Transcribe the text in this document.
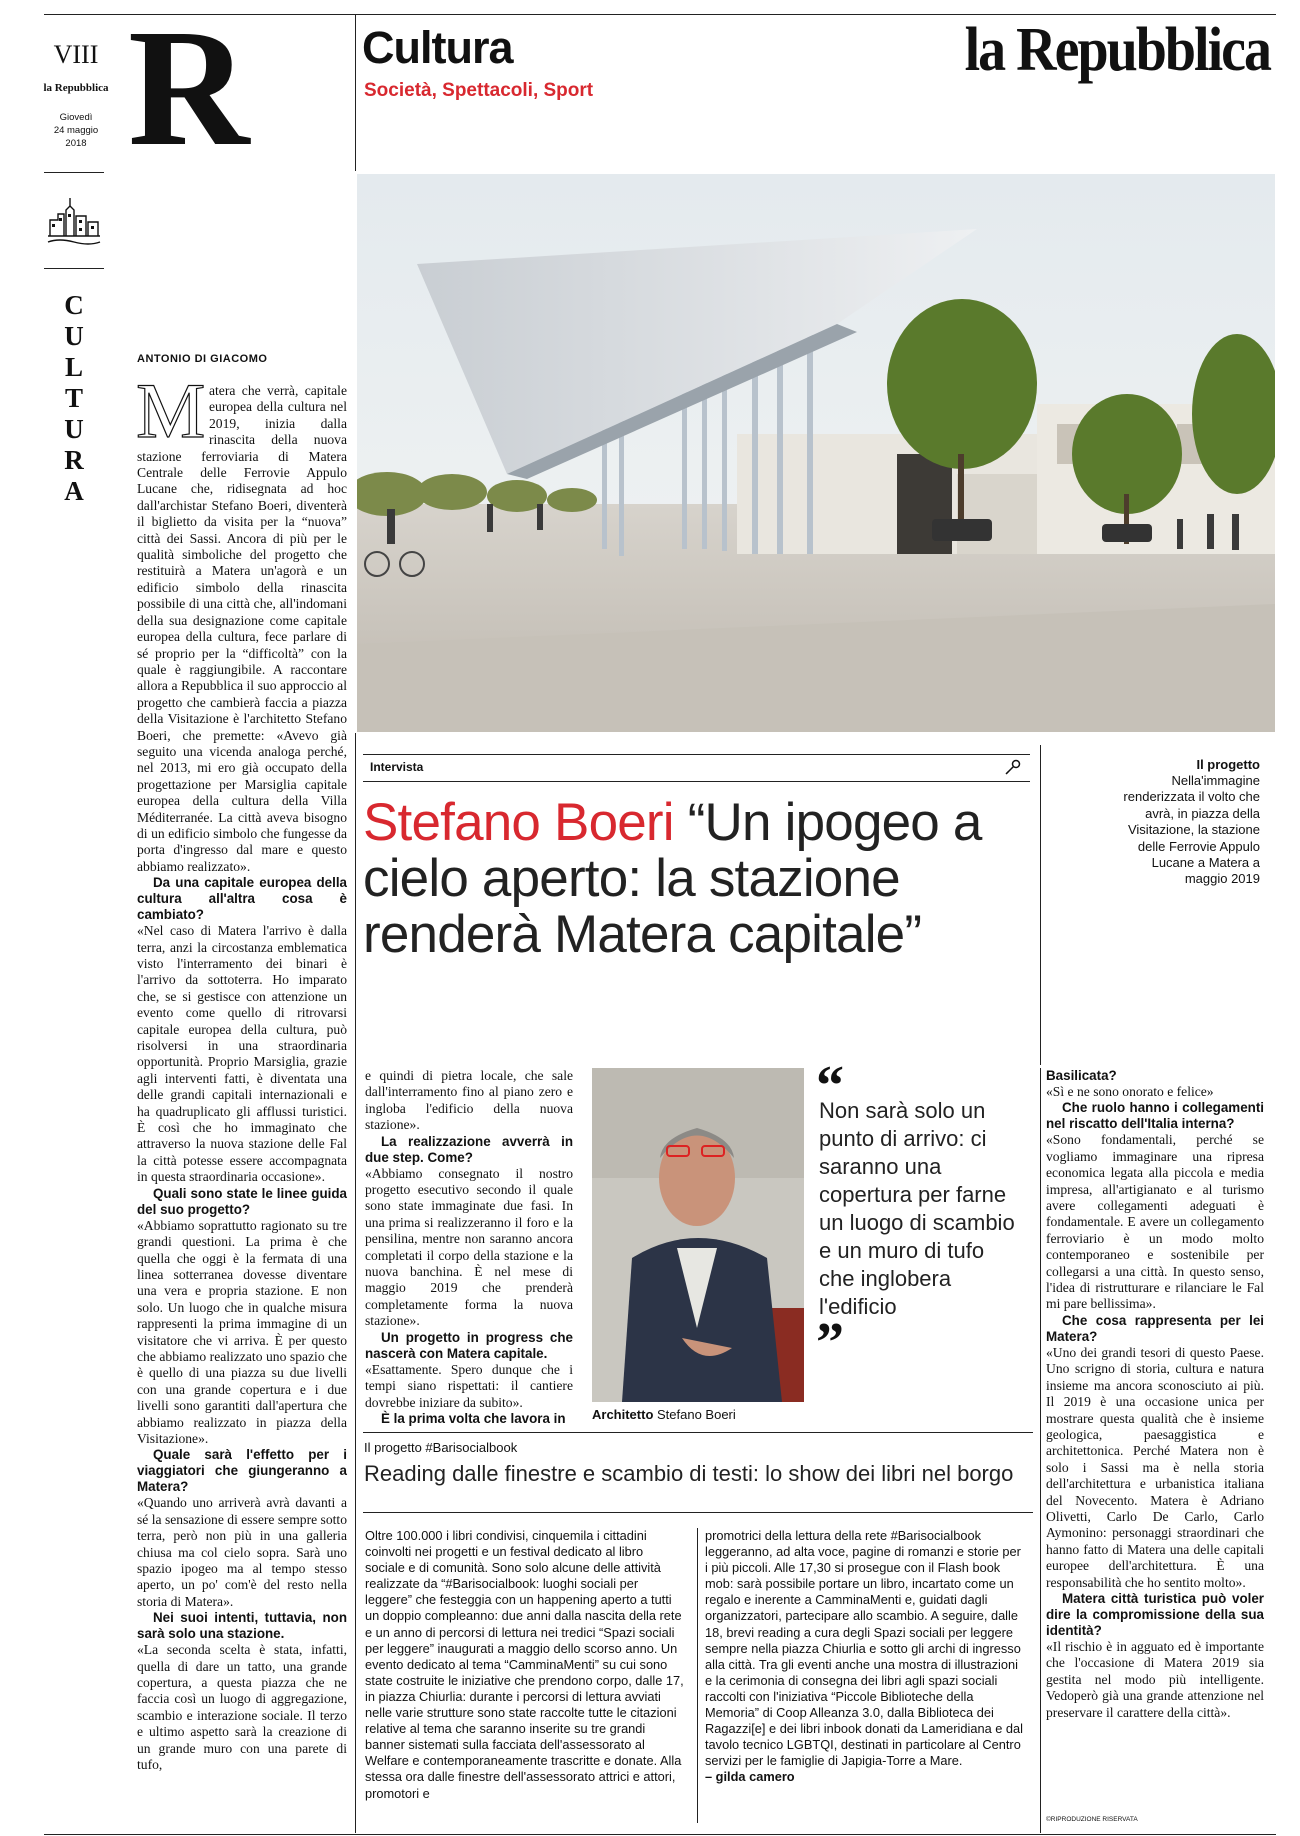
VIII
la Repubblica
Giovedì
24 maggio
2018 R	Cultura
Società, Spettacoli, Sport
la Repubblica
C
U
L
T
U
R
A
ANTONIO DI GIACOMO
M atera che verrà, capitale europea della cultura nel 2019, inizia dalla rinascita della nuova stazione ferroviaria di Matera Centrale delle Ferrovie Appulo Lucane che, ridisegnata ad hoc dall'archistar Stefano Boeri, diventerà il biglietto da visita per la “nuova” città dei Sassi. Ancora di più per le qualità simboliche del progetto che restituirà a Matera un'agorà e un edificio simbolo della rinascita possibile di una città che, all'indomani della sua designazione come capitale europea della cultura, fece parlare di sé proprio per la “difficoltà” con la quale è raggiungibile. A raccontare allora a Repubblica il suo approccio al progetto che cambierà faccia a piazza della Visitazione è l'architetto Stefano Boeri, che premette: «Avevo già seguito una vicenda analoga perché, nel 2013, mi ero già occupato della progettazione per Marsiglia capitale europea della cultura della Villa Méditerranée. La città aveva bisogno di un edificio simbolo che fungesse da porta d'ingresso dal mare e questo abbiamo realizzato».

Da una capitale europea della cultura all'altra cosa è cambiato?

«Nel caso di Matera l'arrivo è dalla terra, anzi la circostanza emblematica visto l'interramento dei binari è l'arrivo da sottoterra. Ho imparato che, se si gestisce con attenzione un evento come quello di ritrovarsi capitale europea della cultura, può risolversi in una straordinaria opportunità. Proprio Marsiglia, grazie agli interventi fatti, è diventata una delle grandi capitali internazionali e ha quadruplicato gli afflussi turistici. È così che ho immaginato che attraverso la nuova stazione delle Fal la città potesse essere accompagnata in questa straordinaria occasione».

Quali sono state le linee guida del suo progetto?

«Abbiamo soprattutto ragionato su tre grandi questioni. La prima è che quella che oggi è la fermata di una linea sotterranea dovesse diventare una vera e propria stazione. E non solo. Un luogo che in qualche misura rappresenti la prima immagine di un visitatore che vi arriva. È per questo che abbiamo realizzato uno spazio che è quello di una piazza su due livelli con una grande copertura e i due livelli sono garantiti dall'apertura che abbiamo realizzato in piazza della Visitazione».

Quale sarà l'effetto per i viaggiatori che giungeranno a Matera?

«Quando uno arriverà avrà davanti a sé la sensazione di essere sempre sotto terra, però non più in una galleria chiusa ma col cielo sopra. Sarà uno spazio ipogeo ma al tempo stesso aperto, un po' com'è del resto nella storia di Matera».

Nei suoi intenti, tuttavia, non sarà solo una stazione.

«La seconda scelta è stata, infatti, quella di dare un tatto, una grande copertura, a questa piazza che ne faccia così un luogo di aggregazione, scambio e interazione sociale. Il terzo e ultimo aspetto sarà la creazione di un grande muro con una parete di tufo,

Il progetto
Nella'immagine renderizzata il volto che avrà, in piazza della Visitazione, la stazione delle Ferrovie Appulo Lucane a Matera a maggio 2019
Intervista
Stefano Boeri “Un ipogeo a cielo aperto: la stazione renderà Matera capitale”

e quindi di pietra locale, che sale dall'interramento fino al piano zero e ingloba l'edificio della nuova stazione».

La realizzazione avverrà in due step. Come?

«Abbiamo consegnato il nostro progetto esecutivo secondo il quale sono state immaginate due fasi. In una prima si realizzeranno il foro e la pensilina, mentre non saranno ancora completati il corpo della stazione e la nuova banchina. È nel mese di maggio 2019 che prenderà completamente forma la nuova stazione».

Un progetto in progress che nascerà con Matera capitale.

«Esattamente. Spero dunque che i tempi siano rispettati: il cantiere dovrebbe iniziare da subito».

È la prima volta che lavora in	Architetto Stefano Boeri
“
Non sarà solo un punto di arrivo: ci saranno una copertura per farne un luogo di scambio e un muro di tufo che inglobera l'edificio
”

Basilicata?

«Sì e ne sono onorato e felice»

Che ruolo hanno i collegamenti nel riscatto dell'Italia interna?

«Sono fondamentali, perché se vogliamo immaginare una ripresa economica legata alla piccola e media impresa, all'artigianato e al turismo avere collegamenti adeguati è fondamentale. E avere un collegamento ferroviario è un modo molto contemporaneo e sostenibile per collegarsi a una città. In questo senso, l'idea di ristrutturare e rilanciare le Fal mi pare bellissima».

Che cosa rappresenta per lei Matera?

«Uno dei grandi tesori di questo Paese. Uno scrigno di storia, cultura e natura insieme ma ancora sconosciuto ai più. Il 2019 è una occasione unica per mostrare questa qualità che è insieme geologica, paesaggistica e architettonica. Perché Matera non è solo i Sassi ma è nella storia dell'architettura e urbanistica italiana del Novecento. Matera è Adriano Olivetti, Carlo De Carlo, Carlo Aymonino: personaggi straordinari che hanno fatto di Matera una delle capitali europee dell'architettura. È una responsabilità che ho sentito molto».

Matera città turistica può voler dire la compromissione della sua identità?

«Il rischio è in agguato ed è importante che l'occasione di Matera 2019 sia gestita nel modo più intelligente. Vedoperò già una grande attenzione nel preservare il carattere della città».

©RIPRODUZIONE RISERVATA
Il progetto #Barisocialbook
Reading dalle finestre e scambio di testi: lo show dei libri nel borgo
Oltre 100.000 i libri condivisi, cinquemila i cittadini coinvolti nei progetti e un festival dedicato al libro sociale e di comunità. Sono solo alcune delle attività realizzate da “#Barisocialbook: luoghi sociali per leggere” che festeggia con un happening aperto a tutti un doppio compleanno: due anni dalla nascita della rete e un anno di percorsi di lettura nei tredici “Spazi sociali per leggere” inaugurati a maggio dello scorso anno. Un evento dedicato al tema “CamminaMenti” su cui sono state costruite le iniziative che prendono corpo, dalle 17, in piazza Chiurlia: durante i percorsi di lettura avviati nelle varie strutture sono state raccolte tutte le citazioni relative al tema che saranno inserite su tre grandi banner sistemati sulla facciata dell'assessorato al Welfare e contemporaneamente trascritte e donate. Alla stessa ora dalle finestre dell'assessorato attrici e attori, promotori e
promotrici della lettura della rete #Barisocialbook leggeranno, ad alta voce, pagine di romanzi e storie per i più piccoli. Alle 17,30 si prosegue con il Flash book mob: sarà possibile portare un libro, incartato come un regalo e inerente a CamminaMenti e, guidati dagli organizzatori, partecipare allo scambio. A seguire, dalle 18, brevi reading a cura degli Spazi sociali per leggere sempre nella piazza Chiurlia e sotto gli archi di ingresso alla città. Tra gli eventi anche una mostra di illustrazioni e la cerimonia di consegna dei libri agli spazi sociali raccolti con l'iniziativa “Piccole Biblioteche della Memoria” di Coop Alleanza 3.0, dalla Biblioteca dei Ragazzi[e] e dei libri inbook donati da Lameridiana e dal tavolo tecnico LGBTQI, destinati in particolare al Centro servizi per le famiglie di Japigia-Torre a Mare.
– gilda camero
